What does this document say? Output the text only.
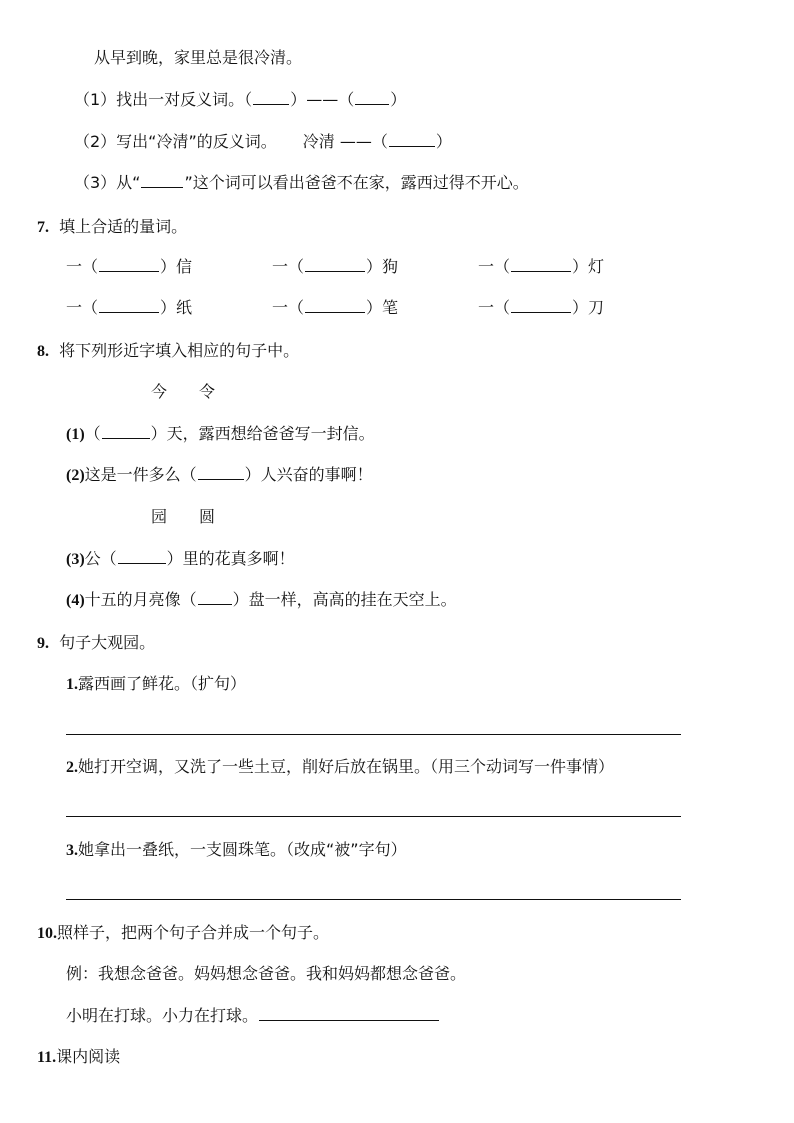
从早到晚，家里总是很冷清。
（1）找出一对反义词。（ ）——（ ）
（2）写出“冷清”的反义词。 冷清 ——（	）
（3）从“	”这个词可以看出爸爸不在家，露西过得不开心。
7. 填上合适的量词。
一（	）信	一（	）狗	一（	）灯
一（	）纸	一（	）笔	一（	）刀
8. 将下列形近字填入相应的句子中。
今 令
(1)（	）天，露西想给爸爸写一封信。
(2)这是一件多么（	）人兴奋的事啊！
园 圆
(3)公（	）里的花真多啊！
(4)十五的月亮像（ ）盘一样，高高的挂在天空上。
9. 句子大观园。
1.露西画了鲜花。（扩句）
2.她打开空调，又洗了一些土豆，削好后放在锅里。（用三个动词写一件事情）
3.她拿出一叠纸，一支圆珠笔。（改成“被”字句）
10.照样子，把两个句子合并成一个句子。
例：我想念爸爸。妈妈想念爸爸。我和妈妈都想念爸爸。
小明在打球。小力在打球。
11.课内阅读
